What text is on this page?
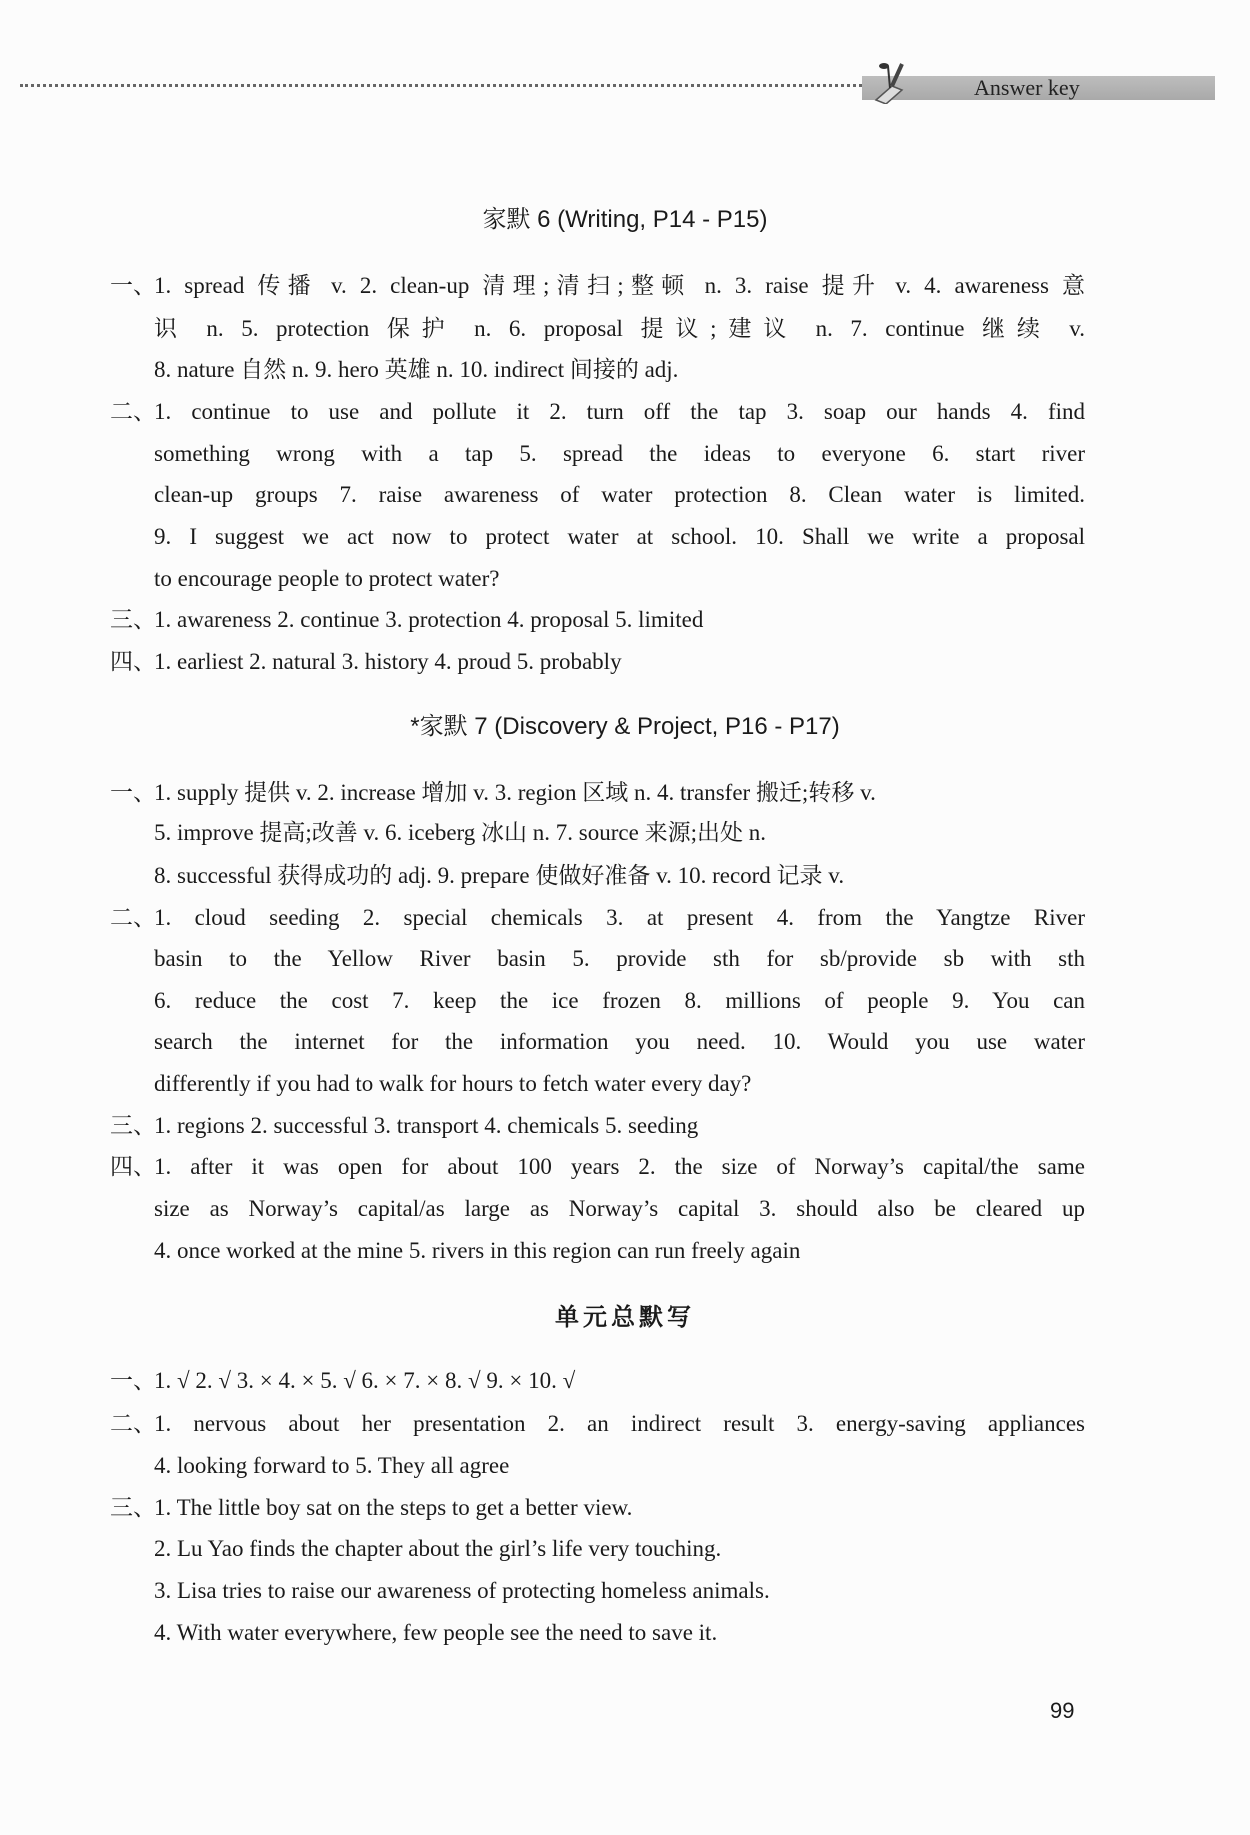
Answer key
家默 6 (Writing, P14 - P15)
一、
1. spread 传播 v. 2. clean-up 清理;清扫;整顿 n. 3. raise 提升 v. 4. awareness 意
识 n. 5. protection 保护 n. 6. proposal 提议;建议 n. 7. continue 继续 v.
8. nature 自然 n. 9. hero 英雄 n. 10. indirect 间接的 adj.
二、
1. continue to use and pollute it 2. turn off the tap 3. soap our hands 4. find
something wrong with a tap 5. spread the ideas to everyone 6. start river
clean-up groups 7. raise awareness of water protection 8. Clean water is limited.
9. I suggest we act now to protect water at school. 10. Shall we write a proposal
to encourage people to protect water?
三、
1. awareness 2. continue 3. protection 4. proposal 5. limited
四、
1. earliest 2. natural 3. history 4. proud 5. probably
*家默 7 (Discovery & Project, P16 - P17)
一、
1. supply 提供 v. 2. increase 增加 v. 3. region 区域 n. 4. transfer 搬迁;转移 v.
5. improve 提高;改善 v. 6. iceberg 冰山 n. 7. source 来源;出处 n.
8. successful 获得成功的 adj. 9. prepare 使做好准备 v. 10. record 记录 v.
二、
1. cloud seeding 2. special chemicals 3. at present 4. from the Yangtze River
basin to the Yellow River basin 5. provide sth for sb/provide sb with sth
6. reduce the cost 7. keep the ice frozen 8. millions of people 9. You can
search the internet for the information you need. 10. Would you use water
differently if you had to walk for hours to fetch water every day?
三、
1. regions 2. successful 3. transport 4. chemicals 5. seeding
四、
1. after it was open for about 100 years 2. the size of Norway’s capital/the same
size as Norway’s capital/as large as Norway’s capital 3. should also be cleared up
4. once worked at the mine 5. rivers in this region can run freely again
单元总默写
一、
1. √ 2. √ 3. × 4. × 5. √ 6. × 7. × 8. √ 9. × 10. √
二、
1. nervous about her presentation 2. an indirect result 3. energy-saving appliances
4. looking forward to 5. They all agree
三、
1. The little boy sat on the steps to get a better view.
2. Lu Yao finds the chapter about the girl’s life very touching.
3. Lisa tries to raise our awareness of protecting homeless animals.
4. With water everywhere, few people see the need to save it.
99
